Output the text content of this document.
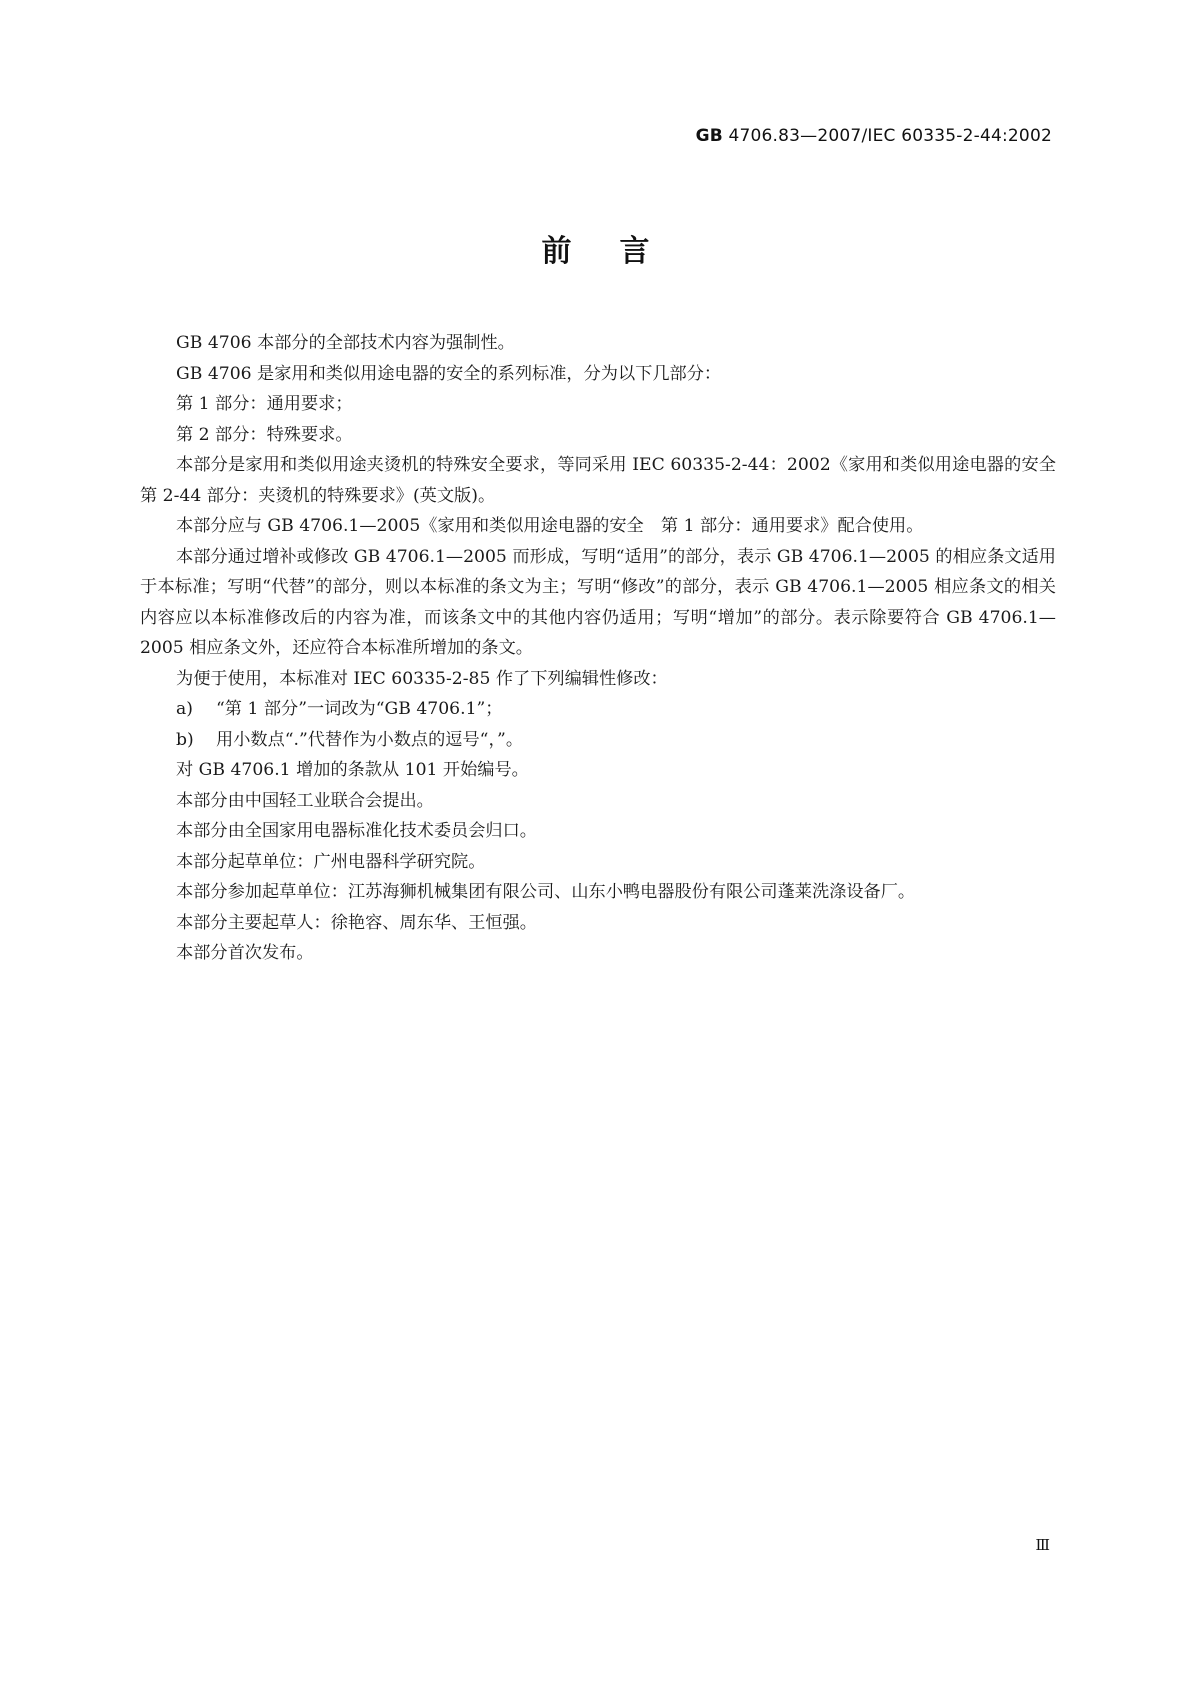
GB 4706.83—2007/IEC 60335-2-44:2002
前言

GB 4706 本部分的全部技术内容为强制性。

GB 4706 是家用和类似用途电器的安全的系列标准，分为以下几部分：

第 1 部分：通用要求；

第 2 部分：特殊要求。

本部分是家用和类似用途夹烫机的特殊安全要求，等同采用 IEC 60335-2-44：2002《家用和类似用途电器的安全　第 2-44 部分：夹烫机的特殊要求》(英文版)。

本部分应与 GB 4706.1—2005《家用和类似用途电器的安全　第 1 部分：通用要求》配合使用。

本部分通过增补或修改 GB 4706.1—2005 而形成，写明“适用”的部分，表示 GB 4706.1—2005 的相应条文适用于本标准；写明“代替”的部分，则以本标准的条文为主；写明“修改”的部分，表示 GB 4706.1—2005 相应条文的相关内容应以本标准修改后的内容为准，而该条文中的其他内容仍适用；写明“增加”的部分。表示除要符合 GB 4706.1—2005 相应条文外，还应符合本标准所增加的条文。

为便于使用，本标准对 IEC 60335-2-85 作了下列编辑性修改：

a) “第 1 部分”一词改为“GB 4706.1”；

b) 用小数点“.”代替作为小数点的逗号“，”。

对 GB 4706.1 增加的条款从 101 开始编号。

本部分由中国轻工业联合会提出。

本部分由全国家用电器标准化技术委员会归口。

本部分起草单位：广州电器科学研究院。

本部分参加起草单位：江苏海狮机械集团有限公司、山东小鸭电器股份有限公司蓬莱洗涤设备厂。

本部分主要起草人：徐艳容、周东华、王恒强。

本部分首次发布。

Ⅲ
